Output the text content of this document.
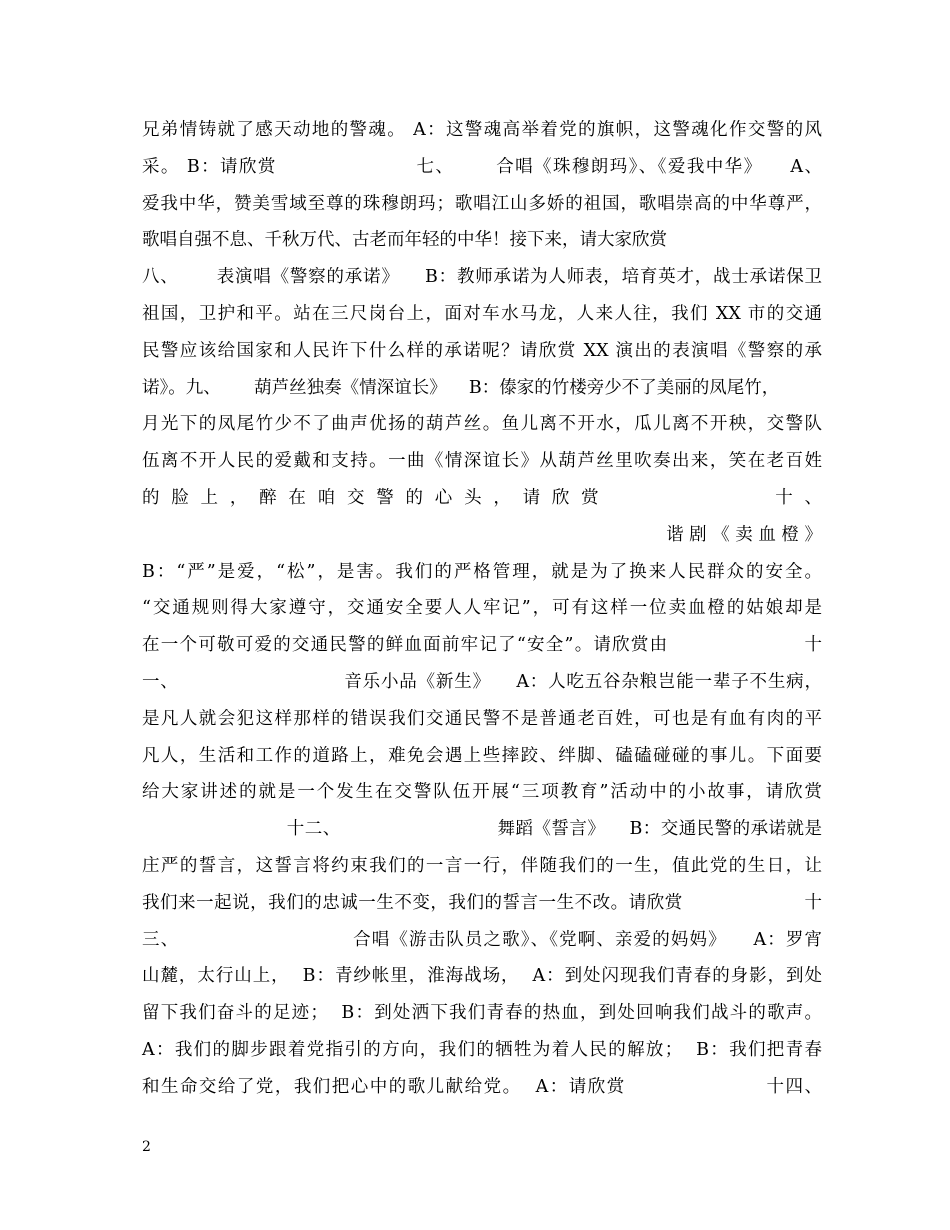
兄弟情铸就了感天动地的警魂。 A：这警魂高举着党的旗帜，这警魂化作交警的风
采。 B：请欣赏                    七、      合唱《珠穆朗玛》、《爱我中华》    A、
爱我中华，赞美雪域至尊的珠穆朗玛；歌唱江山多娇的祖国，歌唱崇高的中华尊严，
歌唱自强不息、千秋万代、古老而年轻的中华！接下来，请大家欣赏
八、      表演唱《警察的承诺》    B：教师承诺为人师表，培育英才，战士承诺保卫
祖国，卫护和平。站在三尺岗台上，面对车水马龙，人来人往，我们 XX 市的交通
民警应该给国家和人民许下什么样的承诺呢？请欣赏 XX 演出的表演唱《警察的承
诺》。九、      葫芦丝独奏《情深谊长》    B：傣家的竹楼旁少不了美丽的凤尾竹，
月光下的凤尾竹少不了曲声优扬的葫芦丝。鱼儿离不开水，瓜儿离不开秧，交警队
伍离不开人民的爱戴和支持。一曲《情深谊长》从葫芦丝里吹奏出来，笑在老百姓
的 脸 上 ， 醉 在 咱 交 警 的 心 头 ， 请 欣 赏                    十 、
谐 剧 《 卖 血 橙 》
B：“严”是爱，“松”，是害。我们的严格管理，就是为了换来人民群众的安全。
“交通规则得大家遵守，交通安全要人人牢记”，可有这样一位卖血橙的姑娘却是
在一个可敬可爱的交通民警的鲜血面前牢记了“安全”。请欣赏由                    十
一、                          音乐小品《新生》    A：人吃五谷杂粮岂能一辈子不生病，
是凡人就会犯这样那样的错误我们交通民警不是普通老百姓，可也是有血有肉的平
凡人，生活和工作的道路上，难免会遇上些摔跤、绊脚、磕磕碰碰的事儿。下面要
给大家讲述的就是一个发生在交警队伍开展“三项教育”活动中的小故事，请欣赏
十二、                          舞蹈《誓言》    B：交通民警的承诺就是
庄严的誓言，这誓言将约束我们的一言一行，伴随我们的一生，值此党的生日，让
我们来一起说，我们的忠诚一生不变，我们的誓言一生不改。请欣赏                    十
三、                          合唱《游击队员之歌》、《党啊、亲爱的妈妈》    A：罗宵
山麓，太行山上，  B：青纱帐里，淮海战场，  A：到处闪现我们青春的身影，到处
留下我们奋斗的足迹；  B：到处洒下我们青春的热血，到处回响我们战斗的歌声。
A：我们的脚步跟着党指引的方向，我们的牺牲为着人民的解放；  B：我们把青春
和生命交给了党，我们把心中的歌儿献给党。  A：请欣赏                    十四、
2
